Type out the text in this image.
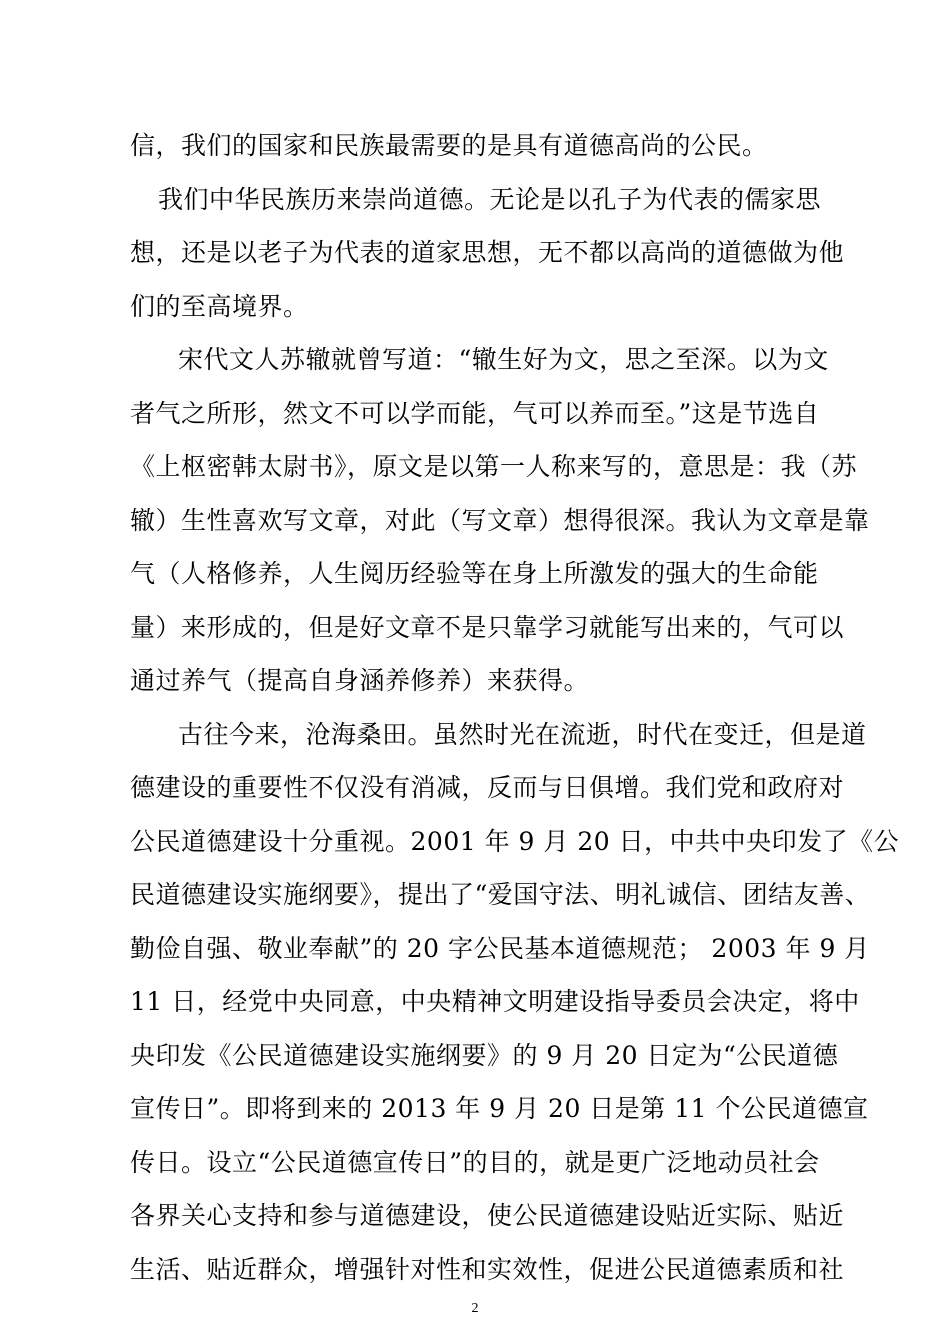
信，我们的国家和民族最需要的是具有道德高尚的公民。
我们中华民族历来崇尚道德。无论是以孔子为代表的儒家思
想，还是以老子为代表的道家思想，无不都以高尚的道德做为他
们的至高境界。
宋代文人苏辙就曾写道：“辙生好为文，思之至深。以为文
者气之所形，然文不可以学而能，气可以养而至。”这是节选自
《上枢密韩太尉书》，原文是以第一人称来写的，意思是：我（苏
辙）生性喜欢写文章，对此（写文章）想得很深。我认为文章是靠
气（人格修养，人生阅历经验等在身上所激发的强大的生命能
量）来形成的，但是好文章不是只靠学习就能写出来的，气可以
通过养气（提高自身涵养修养）来获得。
古往今来，沧海桑田。虽然时光在流逝，时代在变迁，但是道
德建设的重要性不仅没有消减，反而与日俱增。我们党和政府对
公民道德建设十分重视。2001 年 9 月 20 日，中共中央印发了《公
民道德建设实施纲要》，提出了“爱国守法、明礼诚信、团结友善、
勤俭自强、敬业奉献”的 20 字公民基本道德规范； 2003 年 9 月
11 日，经党中央同意，中央精神文明建设指导委员会决定，将中
央印发《公民道德建设实施纲要》的 9 月 20 日定为“公民道德
宣传日”。即将到来的 2013 年 9 月 20 日是第 11 个公民道德宣
传日。设立“公民道德宣传日”的目的，就是更广泛地动员社会
各界关心支持和参与道德建设，使公民道德建设贴近实际、贴近
生活、贴近群众，增强针对性和实效性，促进公民道德素质和社
2
